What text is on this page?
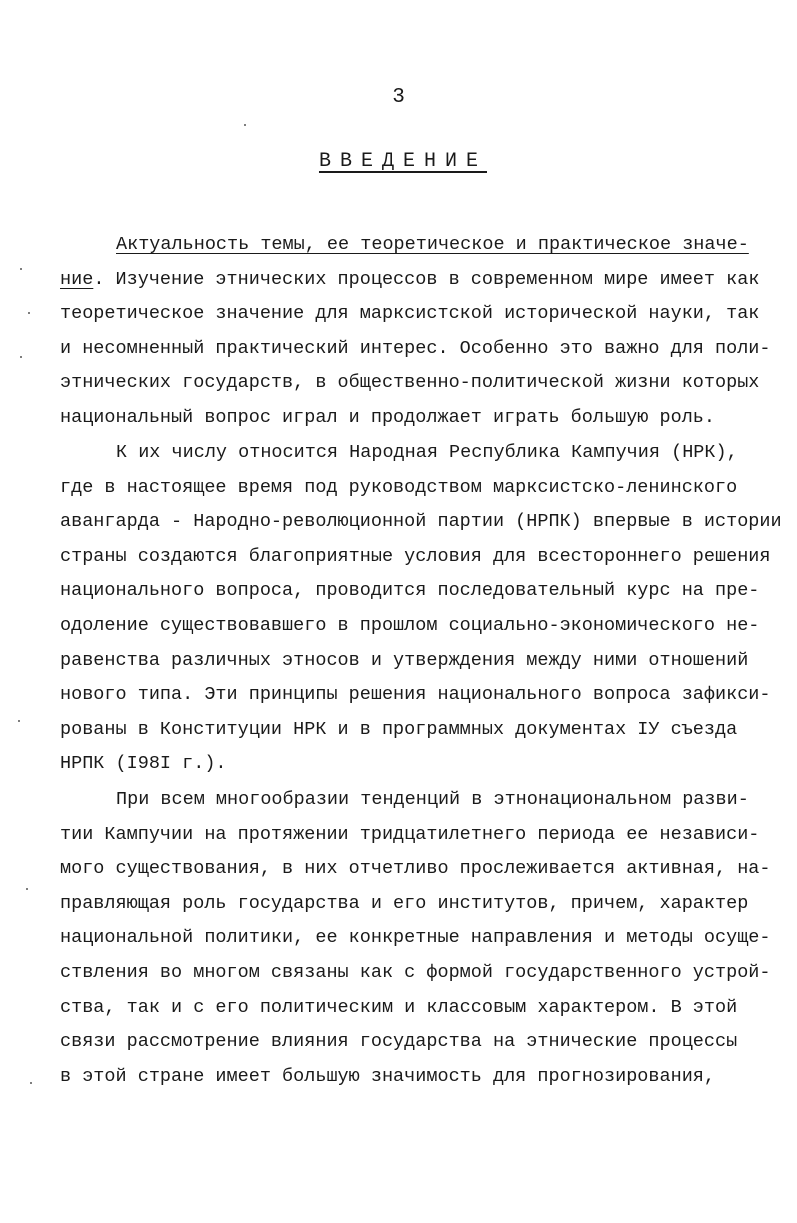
3
ВВЕДЕНИЕ
Актуальность темы, ее теоретическое и практическое значе-
ние. Изучение этнических процессов в современном мире имеет как
теоретическое значение для марксистской исторической науки, так
и несомненный практический интерес. Особенно это важно для поли-
этнических государств, в общественно-политической жизни которых
национальный вопрос играл и продолжает играть большую роль.
К их числу относится Народная Республика Кампучия (НРК),
где в настоящее время под руководством марксистско-ленинского
авангарда - Народно-революционной партии (НРПК) впервые в истории
страны создаются благоприятные условия для всестороннего решения
национального вопроса, проводится последовательный курс на пре-
одоление существовавшего в прошлом социально-экономического не-
равенства различных этносов и утверждения между ними отношений
нового типа. Эти принципы решения национального вопроса зафикси-
рованы в Конституции НРК и в программных документах IУ съезда
НРПК (I98I г.).
При всем многообразии тенденций в этнонациональном разви-
тии Кампучии на протяжении тридцатилетнего периода ее независи-
мого существования, в них отчетливо прослеживается активная, на-
правляющая роль государства и его институтов, причем, характер
национальной политики, ее конкретные направления и методы осуще-
ствления во многом связаны как с формой государственного устрой-
ства, так и с его политическим и классовым характером. В этой
связи рассмотрение влияния государства на этнические процессы
в этой стране имеет большую значимость для прогнозирования,
